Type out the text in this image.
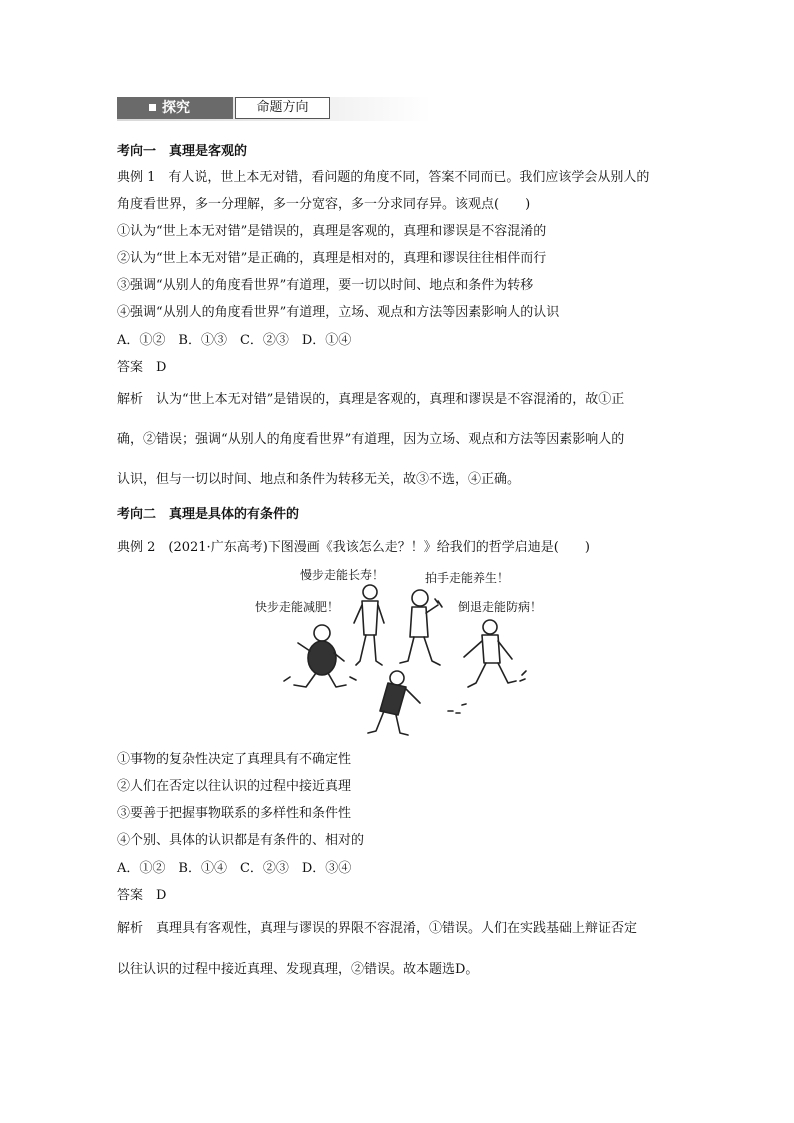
探究	命题方向
考向一　真理是客观的
典例 1　有人说，世上本无对错，看问题的角度不同，答案不同而已。我们应该学会从别人的
角度看世界，多一分理解，多一分宽容，多一分求同存异。该观点(　　)
①认为“世上本无对错”是错误的，真理是客观的，真理和谬误是不容混淆的
②认为“世上本无对错”是正确的，真理是相对的，真理和谬误往往相伴而行
③强调“从别人的角度看世界”有道理，要一切以时间、地点和条件为转移
④强调“从别人的角度看世界”有道理，立场、观点和方法等因素影响人的认识
A．①②　B．①③　C．②③　D．①④
答案　D
解析　认为“世上本无对错”是错误的，真理是客观的，真理和谬误是不容混淆的，故①正
确，②错误；强调“从别人的角度看世界”有道理，因为立场、观点和方法等因素影响人的
认识，但与一切以时间、地点和条件为转移无关，故③不选，④正确。
考向二　真理是具体的有条件的
典例 2　(2021·广东高考)下图漫画《我该怎么走？！》给我们的哲学启迪是(　　)
慢步走能长寿！
快步走能减肥！
拍手走能养生！
倒退走能防病！
①事物的复杂性决定了真理具有不确定性
②人们在否定以往认识的过程中接近真理
③要善于把握事物联系的多样性和条件性
④个别、具体的认识都是有条件的、相对的
A．①②　B．①④　C．②③　D．③④
答案　D
解析　真理具有客观性，真理与谬误的界限不容混淆，①错误。人们在实践基础上辩证否定
以往认识的过程中接近真理、发现真理，②错误。故本题选D。
